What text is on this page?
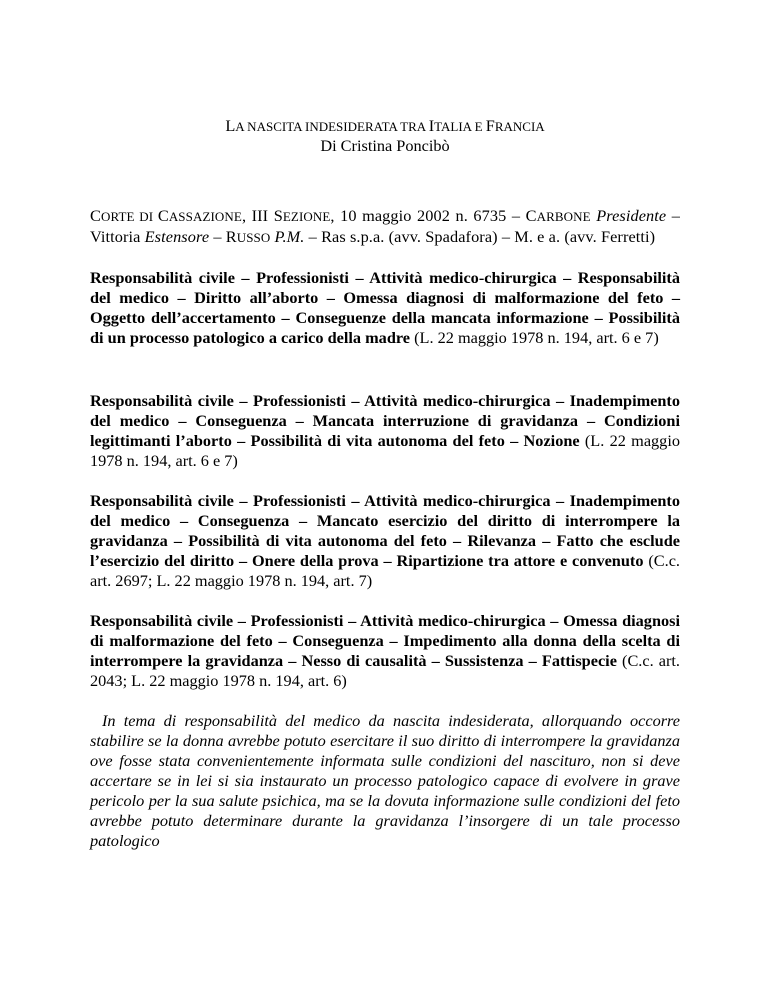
LA NASCITA INDESIDERATA TRA ITALIA E FRANCIA

Di Cristina Poncibò

CORTE DI CASSAZIONE, III SEZIONE, 10 maggio 2002 n. 6735 – CARBONE Presidente – Vittoria Estensore – RUSSO P.M. – Ras s.p.a. (avv. Spadafora) – M. e a. (avv. Ferretti)

Responsabilità civile – Professionisti – Attività medico-chirurgica – Responsabilità del medico – Diritto all’aborto – Omessa diagnosi di malformazione del feto – Oggetto dell’accertamento – Conseguenze della mancata informazione – Possibilità di un processo patologico a carico della madre (L. 22 maggio 1978 n. 194, art. 6 e 7)

Responsabilità civile – Professionisti – Attività medico-chirurgica – Inadempimento del medico – Conseguenza – Mancata interruzione di gravidanza – Condizioni legittimanti l’aborto – Possibilità di vita autonoma del feto – Nozione (L. 22 maggio 1978 n. 194, art. 6 e 7)

Responsabilità civile – Professionisti – Attività medico-chirurgica – Inadempimento del medico – Conseguenza – Mancato esercizio del diritto di interrompere la gravidanza – Possibilità di vita autonoma del feto – Rilevanza – Fatto che esclude l’esercizio del diritto – Onere della prova – Ripartizione tra attore e convenuto (C.c. art. 2697; L. 22 maggio 1978 n. 194, art. 7)

Responsabilità civile – Professionisti – Attività medico-chirurgica – Omessa diagnosi di malformazione del feto – Conseguenza – Impedimento alla donna della scelta di interrompere la gravidanza – Nesso di causalità – Sussistenza – Fattispecie (C.c. art. 2043; L. 22 maggio 1978 n. 194, art. 6)

In tema di responsabilità del medico da nascita indesiderata, allorquando occorre stabilire se la donna avrebbe potuto esercitare il suo diritto di interrompere la gravidanza ove fosse stata convenientemente informata sulle condizioni del nascituro, non si deve accertare se in lei si sia instaurato un processo patologico capace di evolvere in grave pericolo per la sua salute psichica, ma se la dovuta informazione sulle condizioni del feto avrebbe potuto determinare durante la gravidanza l’insorgere di un tale processo patologico
